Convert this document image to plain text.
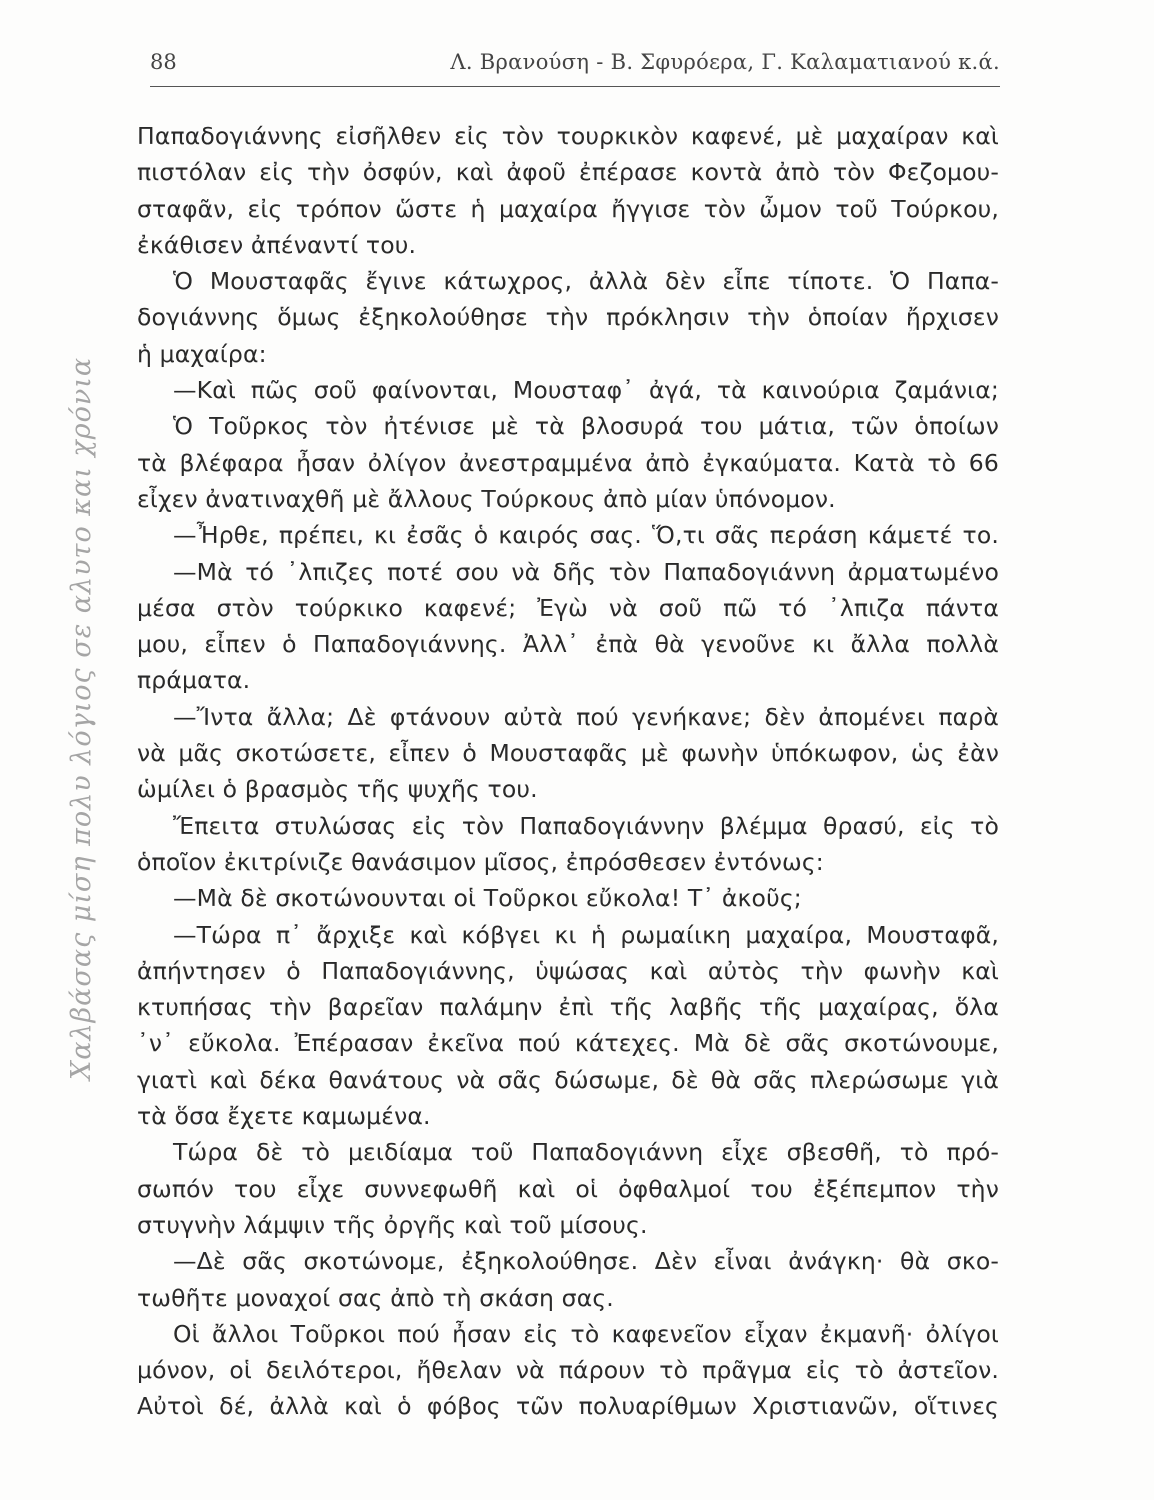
88	Λ. Βρανούση - Β. Σφυρόερα, Γ. Καλαματιανού κ.ά.
Χαλβάσας μίση πολυ λόγιος σε αλυτο και χρόνια
Παπαδογιάννης εἰσῆλθεν εἰς τὸν τουρκικὸν καφενέ, μὲ μαχαίραν καὶ
πιστόλαν εἰς τὴν ὀσφύν, καὶ ἀφοῦ ἐπέρασε κοντὰ ἀπὸ τὸν Φεζομου-
σταφᾶν, εἰς τρόπον ὥστε ἡ μαχαίρα ἤγγισε τὸν ὦμον τοῦ Τούρκου,
ἐκάθισεν ἀπέναντί του.
Ὁ Μουσταφᾶς ἔγινε κάτωχρος, ἀλλὰ δὲν εἶπε τίποτε. Ὁ Παπα-
δογιάννης ὅμως ἐξηκολούθησε τὴν πρόκλησιν τὴν ὁποίαν ἤρχισεν
ἡ μαχαίρα:
—Καὶ πῶς σοῦ φαίνονται, Μουσταφ᾽ ἀγά, τὰ καινούρια ζαμάνια;
Ὁ Τοῦρκος τὸν ἠτένισε μὲ τὰ βλοσυρά του μάτια, τῶν ὁποίων
τὰ βλέφαρα ἦσαν ὀλίγον ἀνεστραμμένα ἀπὸ ἐγκαύματα. Κατὰ τὸ 66
εἶχεν ἀνατιναχθῆ μὲ ἄλλους Τούρκους ἀπὸ μίαν ὑπόνομον.
—Ἦρθε, πρέπει, κι ἐσᾶς ὁ καιρός σας. Ὅ,τι σᾶς περάση κάμετέ το.
—Μὰ τό ᾽λπιζες ποτέ σου νὰ δῆς τὸν Παπαδογιάννη ἀρματωμένο
μέσα στὸν τούρκικο καφενέ; Ἐγὼ νὰ σοῦ πῶ τό ᾽λπιζα πάντα
μου, εἶπεν ὁ Παπαδογιάννης. Ἀλλ᾽ ἐπὰ θὰ γενοῦνε κι ἄλλα πολλὰ
πράματα.
—Ἴντα ἄλλα; Δὲ φτάνουν αὐτὰ πού γενήκανε; δὲν ἀπομένει παρὰ
νὰ μᾶς σκοτώσετε, εἶπεν ὁ Μουσταφᾶς μὲ φωνὴν ὑπόκωφον, ὡς ἐὰν
ὡμίλει ὁ βρασμὸς τῆς ψυχῆς του.
Ἔπειτα στυλώσας εἰς τὸν Παπαδογιάννην βλέμμα θρασύ, εἰς τὸ
ὁποῖον ἐκιτρίνιζε θανάσιμον μῖσος, ἐπρόσθεσεν ἐντόνως:
—Μὰ δὲ σκοτώνουνται οἱ Τοῦρκοι εὔκολα! Τ᾽ ἀκοῦς;
—Τώρα π᾽ ἄρχιξε καὶ κόβγει κι ἡ ρωμαίικη μαχαίρα, Μουσταφᾶ,
ἀπήντησεν ὁ Παπαδογιάννης, ὑψώσας καὶ αὐτὸς τὴν φωνὴν καὶ
κτυπήσας τὴν βαρεῖαν παλάμην ἐπὶ τῆς λαβῆς τῆς μαχαίρας, ὅλα
᾽ν᾽ εὔκολα. Ἐπέρασαν ἐκεῖνα πού κάτεχες. Μὰ δὲ σᾶς σκοτώνουμε,
γιατὶ καὶ δέκα θανάτους νὰ σᾶς δώσωμε, δὲ θὰ σᾶς πλερώσωμε γιὰ
τὰ ὅσα ἔχετε καμωμένα.
Τώρα δὲ τὸ μειδίαμα τοῦ Παπαδογιάννη εἶχε σβεσθῆ, τὸ πρό-
σωπόν του εἶχε συννεφωθῆ καὶ οἱ ὀφθαλμοί του ἐξέπεμπον τὴν
στυγνὴν λάμψιν τῆς ὀργῆς καὶ τοῦ μίσους.
—Δὲ σᾶς σκοτώνομε, ἐξηκολούθησε. Δὲν εἶναι ἀνάγκη· θὰ σκο-
τωθῆτε μοναχοί σας ἀπὸ τὴ σκάση σας.
Οἱ ἄλλοι Τοῦρκοι πού ἦσαν εἰς τὸ καφενεῖον εἶχαν ἐκμανῆ· ὀλίγοι
μόνον, οἱ δειλότεροι, ἤθελαν νὰ πάρουν τὸ πρᾶγμα εἰς τὸ ἀστεῖον.
Αὐτοὶ δέ, ἀλλὰ καὶ ὁ φόβος τῶν πολυαρίθμων Χριστιανῶν, οἵτινες
